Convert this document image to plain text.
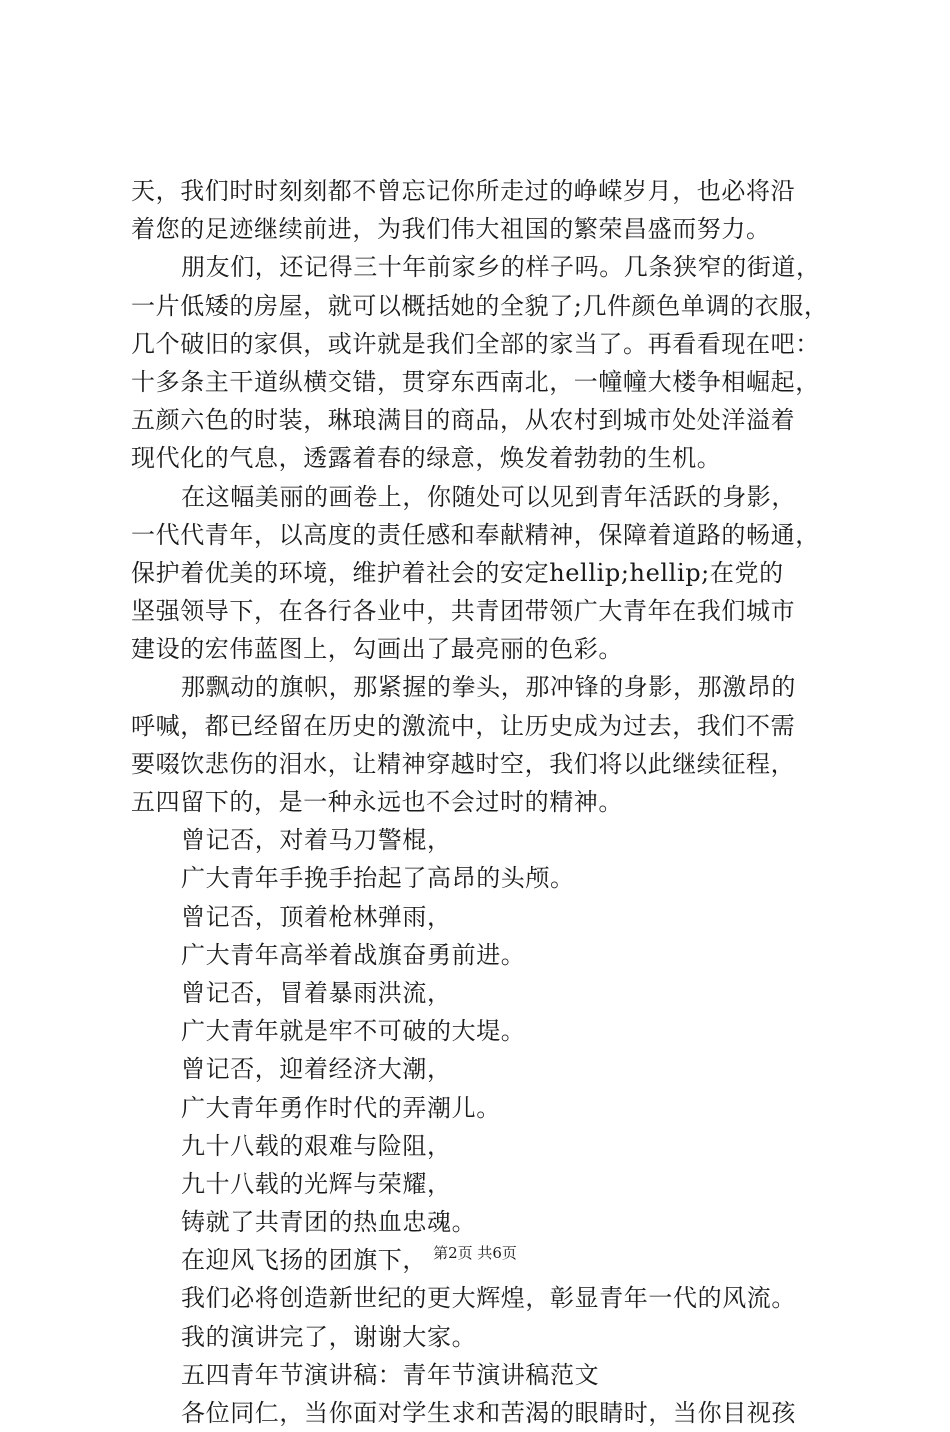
天，我们时时刻刻都不曾忘记你所走过的峥嵘岁月，也必将沿
着您的足迹继续前进，为我们伟大祖国的繁荣昌盛而努力。
朋友们，还记得三十年前家乡的样子吗。几条狭窄的街道，
一片低矮的房屋，就可以概括她的全貌了;几件颜色单调的衣服，
几个破旧的家俱，或许就是我们全部的家当了。再看看现在吧：
十多条主干道纵横交错，贯穿东西南北，一幢幢大楼争相崛起，
五颜六色的时装，琳琅满目的商品，从农村到城市处处洋溢着
现代化的气息，透露着春的绿意，焕发着勃勃的生机。
在这幅美丽的画卷上，你随处可以见到青年活跃的身影，
一代代青年，以高度的责任感和奉献精神，保障着道路的畅通，
保护着优美的环境，维护着社会的安定hellip;hellip;在党的
坚强领导下，在各行各业中，共青团带领广大青年在我们城市
建设的宏伟蓝图上，勾画出了最亮丽的色彩。
那飘动的旗帜，那紧握的拳头，那冲锋的身影，那激昂的
呼喊，都已经留在历史的激流中，让历史成为过去，我们不需
要啜饮悲伤的泪水，让精神穿越时空，我们将以此继续征程，
五四留下的，是一种永远也不会过时的精神。
曾记否，对着马刀警棍，
广大青年手挽手抬起了高昂的头颅。
曾记否，顶着枪林弹雨，
广大青年高举着战旗奋勇前进。
曾记否，冒着暴雨洪流，
广大青年就是牢不可破的大堤。
曾记否，迎着经济大潮，
广大青年勇作时代的弄潮儿。
九十八载的艰难与险阻，
九十八载的光辉与荣耀，
铸就了共青团的热血忠魂。
在迎风飞扬的团旗下，
我们必将创造新世纪的更大辉煌，彰显青年一代的风流。
我的演讲完了，谢谢大家。
五四青年节演讲稿：青年节演讲稿范文
各位同仁，当你面对学生求和苦渴的眼睛时，当你目视孩
第2页 共6页
